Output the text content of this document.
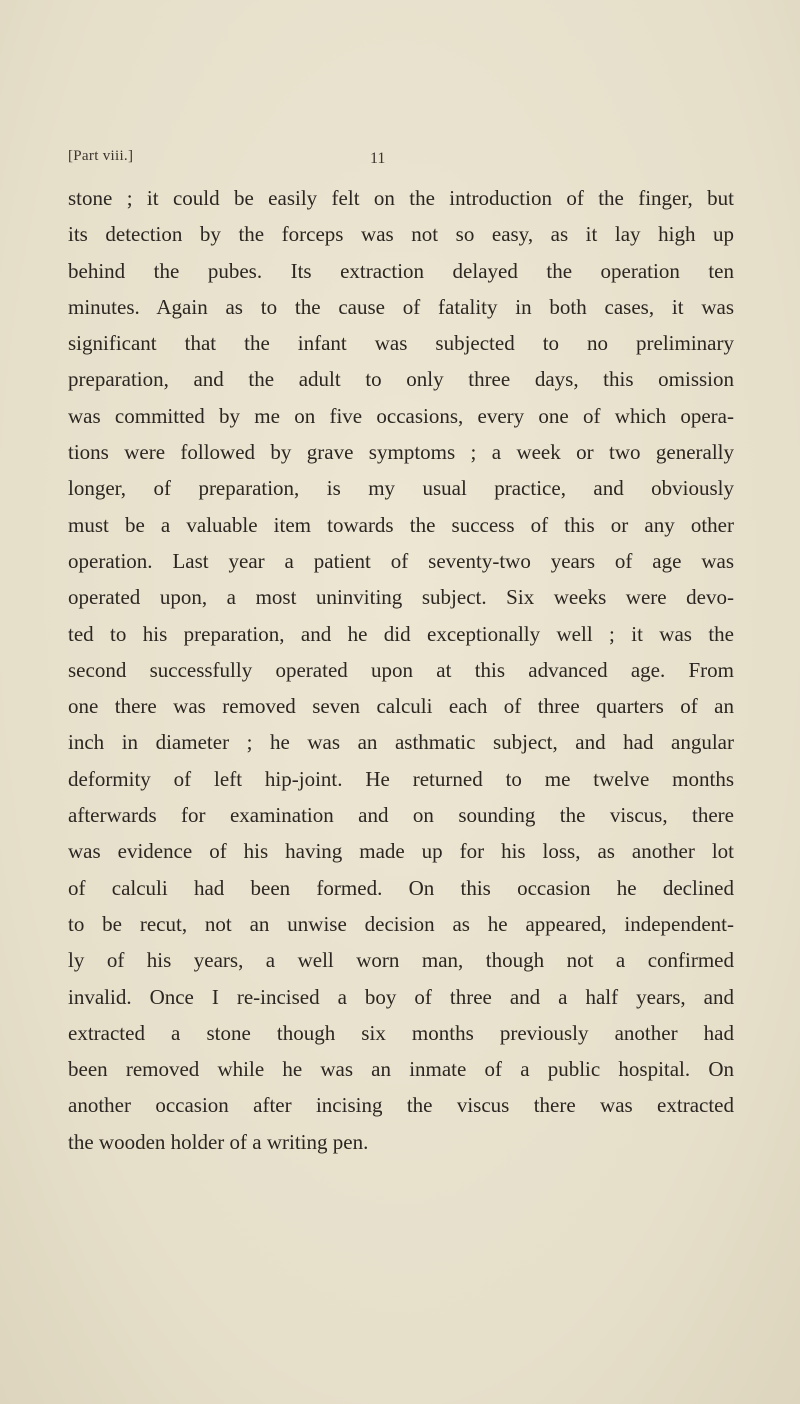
[Part viii.]	11
stone ; it could be easily felt on the introduction of the finger, but
its detection by the forceps was not so easy, as it lay high up
behind the pubes. Its extraction delayed the operation ten
minutes. Again as to the cause of fatality in both cases, it was
significant that the infant was subjected to no preliminary
preparation, and the adult to only three days, this omission
was committed by me on five occasions, every one of which opera-
tions were followed by grave symptoms ; a week or two generally
longer, of preparation, is my usual practice, and obviously
must be a valuable item towards the success of this or any other
operation. Last year a patient of seventy-two years of age was
operated upon, a most uninviting subject. Six weeks were devo-
ted to his preparation, and he did exceptionally well ; it was the
second successfully operated upon at this advanced age. From
one there was removed seven calculi each of three quarters of an
inch in diameter ; he was an asthmatic subject, and had angular
deformity of left hip-joint. He returned to me twelve months
afterwards for examination and on sounding the viscus, there
was evidence of his having made up for his loss, as another lot
of calculi had been formed. On this occasion he declined
to be recut, not an unwise decision as he appeared, independent-
ly of his years, a well worn man, though not a confirmed
invalid. Once I re-incised a boy of three and a half years, and
extracted a stone though six months previously another had
been removed while he was an inmate of a public hospital. On
another occasion after incising the viscus there was extracted
the wooden holder of a writing pen.
